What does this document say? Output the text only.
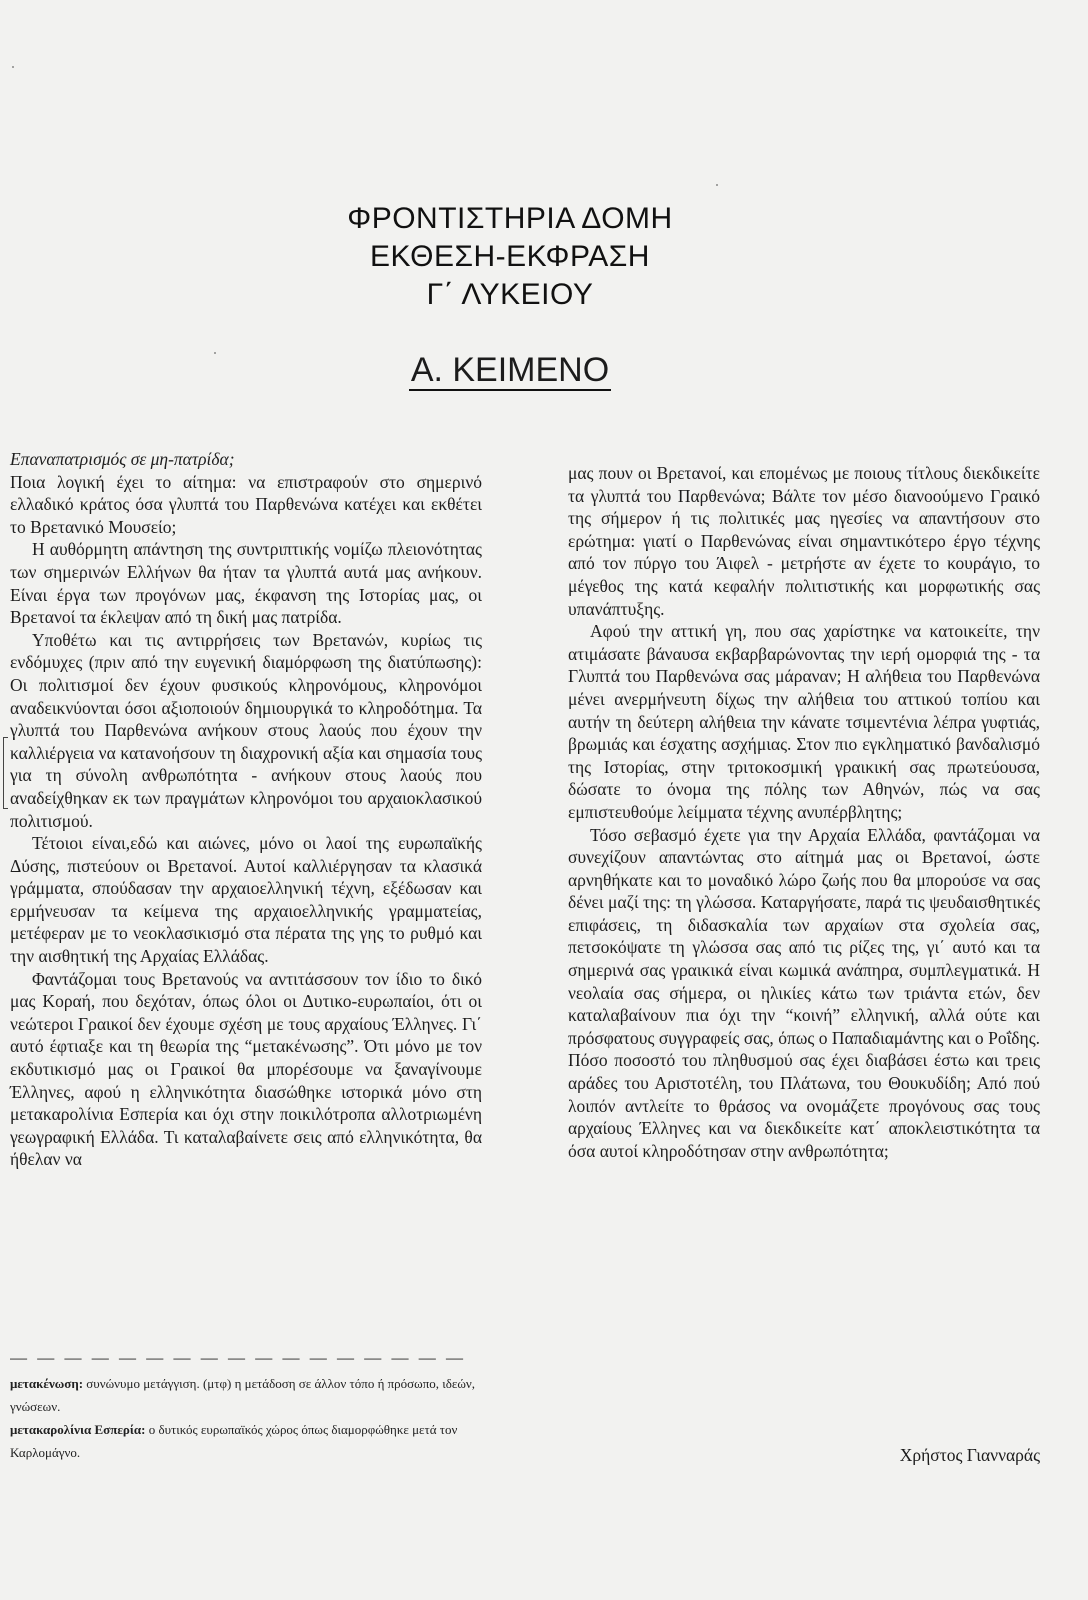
ΦΡΟΝΤΙΣΤΗΡΙΑ ΔΟΜΗ
ΕΚΘΕΣΗ-ΕΚΦΡΑΣΗ
Γ΄ ΛΥΚΕΙΟΥ
Α. ΚΕΙΜΕΝΟ

Επαναπατρισμός σε μη-πατρίδα;

Ποια λογική έχει το αίτημα: να επιστραφούν στο σημερινό ελλαδικό κράτος όσα γλυπτά του Παρθενώνα κατέχει και εκθέτει το Βρετανικό Μουσείο;

Η αυθόρμητη απάντηση της συντριπτικής νομίζω πλειονότητας των σημερινών Ελλήνων θα ήταν τα γλυπτά αυτά μας ανήκουν. Είναι έργα των προγόνων μας, έκφανση της Ιστορίας μας, οι Βρετανοί τα έκλεψαν από τη δική μας πατρίδα.

Υποθέτω και τις αντιρρήσεις των Βρετανών, κυρίως τις ενδόμυχες (πριν από την ευγενική διαμόρφωση της διατύπωσης): Οι πολιτισμοί δεν έχουν φυσικούς κληρονόμους, κληρονόμοι αναδεικνύονται όσοι αξιοποιούν δημιουργικά το κληροδότημα. Τα γλυπτά του Παρθενώνα ανήκουν στους λαούς που έχουν την καλλιέργεια να κατανοήσουν τη διαχρονική αξία και σημασία τους για τη σύνολη ανθρωπότητα - ανήκουν στους λαούς που αναδείχθηκαν εκ των πραγμάτων κληρονόμοι του αρχαιοκλασικού πολιτισμού.

Τέτοιοι είναι,εδώ και αιώνες, μόνο οι λαοί της ευρωπαϊκής Δύσης, πιστεύουν οι Βρετανοί. Αυτοί καλλιέργησαν τα κλασικά γράμματα, σπούδασαν την αρχαιοελληνική τέχνη, εξέδωσαν και ερμήνευσαν τα κείμενα της αρχαιοελληνικής γραμματείας, μετέφεραν με το νεοκλασικισμό στα πέρατα της γης το ρυθμό και την αισθητική της Αρχαίας Ελλάδας.

Φαντάζομαι τους Βρετανούς να αντιτάσσουν τον ίδιο το δικό μας Κοραή, που δεχόταν, όπως όλοι οι Δυτικο-ευρωπαίοι, ότι οι νεώτεροι Γραικοί δεν έχουμε σχέση με τους αρχαίους Έλληνες. Γι΄ αυτό έφτιαξε και τη θεωρία της “μετακένωσης”. Ότι μόνο με τον εκδυτικισμό μας οι Γραικοί θα μπορέσουμε να ξαναγίνουμε Έλληνες, αφού η ελληνικότητα διασώθηκε ιστορικά μόνο στη μετακαρολίνια Εσπερία και όχι στην ποικιλότροπα αλλοτριωμένη γεωγραφική Ελλάδα. Τι καταλαβαίνετε σεις από ελληνικότητα, θα ήθελαν να

— — — — — — — — — — — — — — — — —

μετακένωση: συνώνυμο μετάγγιση. (μτφ) η μετάδοση σε άλλον τόπο ή πρόσωπο, ιδεών, γνώσεων.

μετακαρολίνια Εσπερία: ο δυτικός ευρωπαϊκός χώρος όπως διαμορφώθηκε μετά τον Καρλομάγνο.

μας πουν οι Βρετανοί, και επομένως με ποιους τίτλους διεκδικείτε τα γλυπτά του Παρθενώνα; Βάλτε τον μέσο διανοούμενο Γραικό της σήμερον ή τις πολιτικές μας ηγεσίες να απαντήσουν στο ερώτημα: γιατί ο Παρθενώνας είναι σημαντικότερο έργο τέχνης από τον πύργο του Άιφελ - μετρήστε αν έχετε το κουράγιο, το μέγεθος της κατά κεφαλήν πολιτιστικής και μορφωτικής σας υπανάπτυξης.

Αφού την αττική γη, που σας χαρίστηκε να κατοικείτε, την ατιμάσατε βάναυσα εκβαρβαρώνοντας την ιερή ομορφιά της - τα Γλυπτά του Παρθενώνα σας μάραναν; Η αλήθεια του Παρθενώνα μένει ανερμήνευτη δίχως την αλήθεια του αττικού τοπίου και αυτήν τη δεύτερη αλήθεια την κάνατε τσιμεντένια λέπρα γυφτιάς, βρωμιάς και έσχατης ασχήμιας. Στον πιο εγκληματικό βανδαλισμό της Ιστορίας, στην τριτοκοσμική γραικική σας πρωτεύουσα, δώσατε το όνομα της πόλης των Αθηνών, πώς να σας εμπιστευθούμε λείμματα τέχνης ανυπέρβλητης;

Τόσο σεβασμό έχετε για την Αρχαία Ελλάδα, φαντάζομαι να συνεχίζουν απαντώντας στο αίτημά μας οι Βρετανοί, ώστε αρνηθήκατε και το μοναδικό λώρο ζωής που θα μπορούσε να σας δένει μαζί της: τη γλώσσα. Καταργήσατε, παρά τις ψευδαισθητικές επιφάσεις, τη διδασκαλία των αρχαίων στα σχολεία σας, πετσοκόψατε τη γλώσσα σας από τις ρίζες της, γι΄ αυτό και τα σημερινά σας γραικικά είναι κωμικά ανάπηρα, συμπλεγματικά. Η νεολαία σας σήμερα, οι ηλικίες κάτω των τριάντα ετών, δεν καταλαβαίνουν πια όχι την “κοινή” ελληνική, αλλά ούτε και πρόσφατους συγγραφείς σας, όπως ο Παπαδιαμάντης και ο Ροΐδης. Πόσο ποσοστό του πληθυσμού σας έχει διαβάσει έστω και τρεις αράδες του Αριστοτέλη, του Πλάτωνα, του Θουκυδίδη; Από πού λοιπόν αντλείτε το θράσος να ονομάζετε προγόνους σας τους αρχαίους Έλληνες και να διεκδικείτε κατ΄ αποκλειστικότητα τα όσα αυτοί κληροδότησαν στην ανθρωπότητα;

Χρήστος Γιανναράς
